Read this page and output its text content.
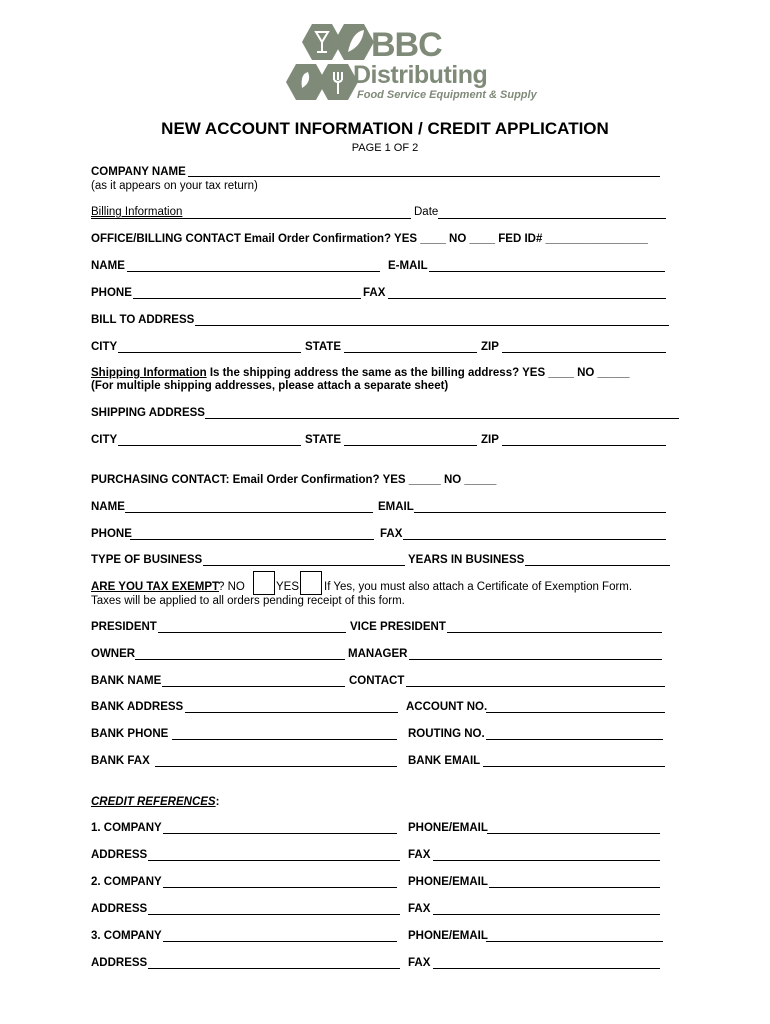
BBC
Distributing
Food Service Equipment & Supply
NEW ACCOUNT INFORMATION / CREDIT APPLICATION
PAGE 1 OF 2
COMPANY NAME
(as it appears on your tax return)
Billing Information	Date
OFFICE/BILLING CONTACT Email Order Confirmation? YES ____ NO ____ FED ID# ________________
NAME	E-MAIL
PHONE	FAX
BILL TO ADDRESS
CITY	STATE	ZIP
Shipping Information Is the shipping address the same as the billing address? YES ____ NO _____
(For multiple shipping addresses, please attach a separate sheet)
SHIPPING ADDRESS
CITY	STATE	ZIP
PURCHASING CONTACT: Email Order Confirmation? YES _____ NO _____
NAME	EMAIL
PHONE	FAX
TYPE OF BUSINESS	YEARS IN BUSINESS
ARE YOU TAX EXEMPT
? NO	YES If Yes, you must also attach a Certificate of Exemption Form.
Taxes will be applied to all orders pending receipt of this form.
PRESIDENT	VICE PRESIDENT
OWNER	MANAGER
BANK NAME	CONTACT
BANK ADDRESS	ACCOUNT NO.
BANK PHONE	ROUTING NO.
BANK FAX	BANK EMAIL
CREDIT REFERENCES:
1. COMPANY	PHONE/EMAIL
ADDRESS	FAX
2. COMPANY	PHONE/EMAIL
ADDRESS	FAX
3. COMPANY	PHONE/EMAIL
ADDRESS	FAX
